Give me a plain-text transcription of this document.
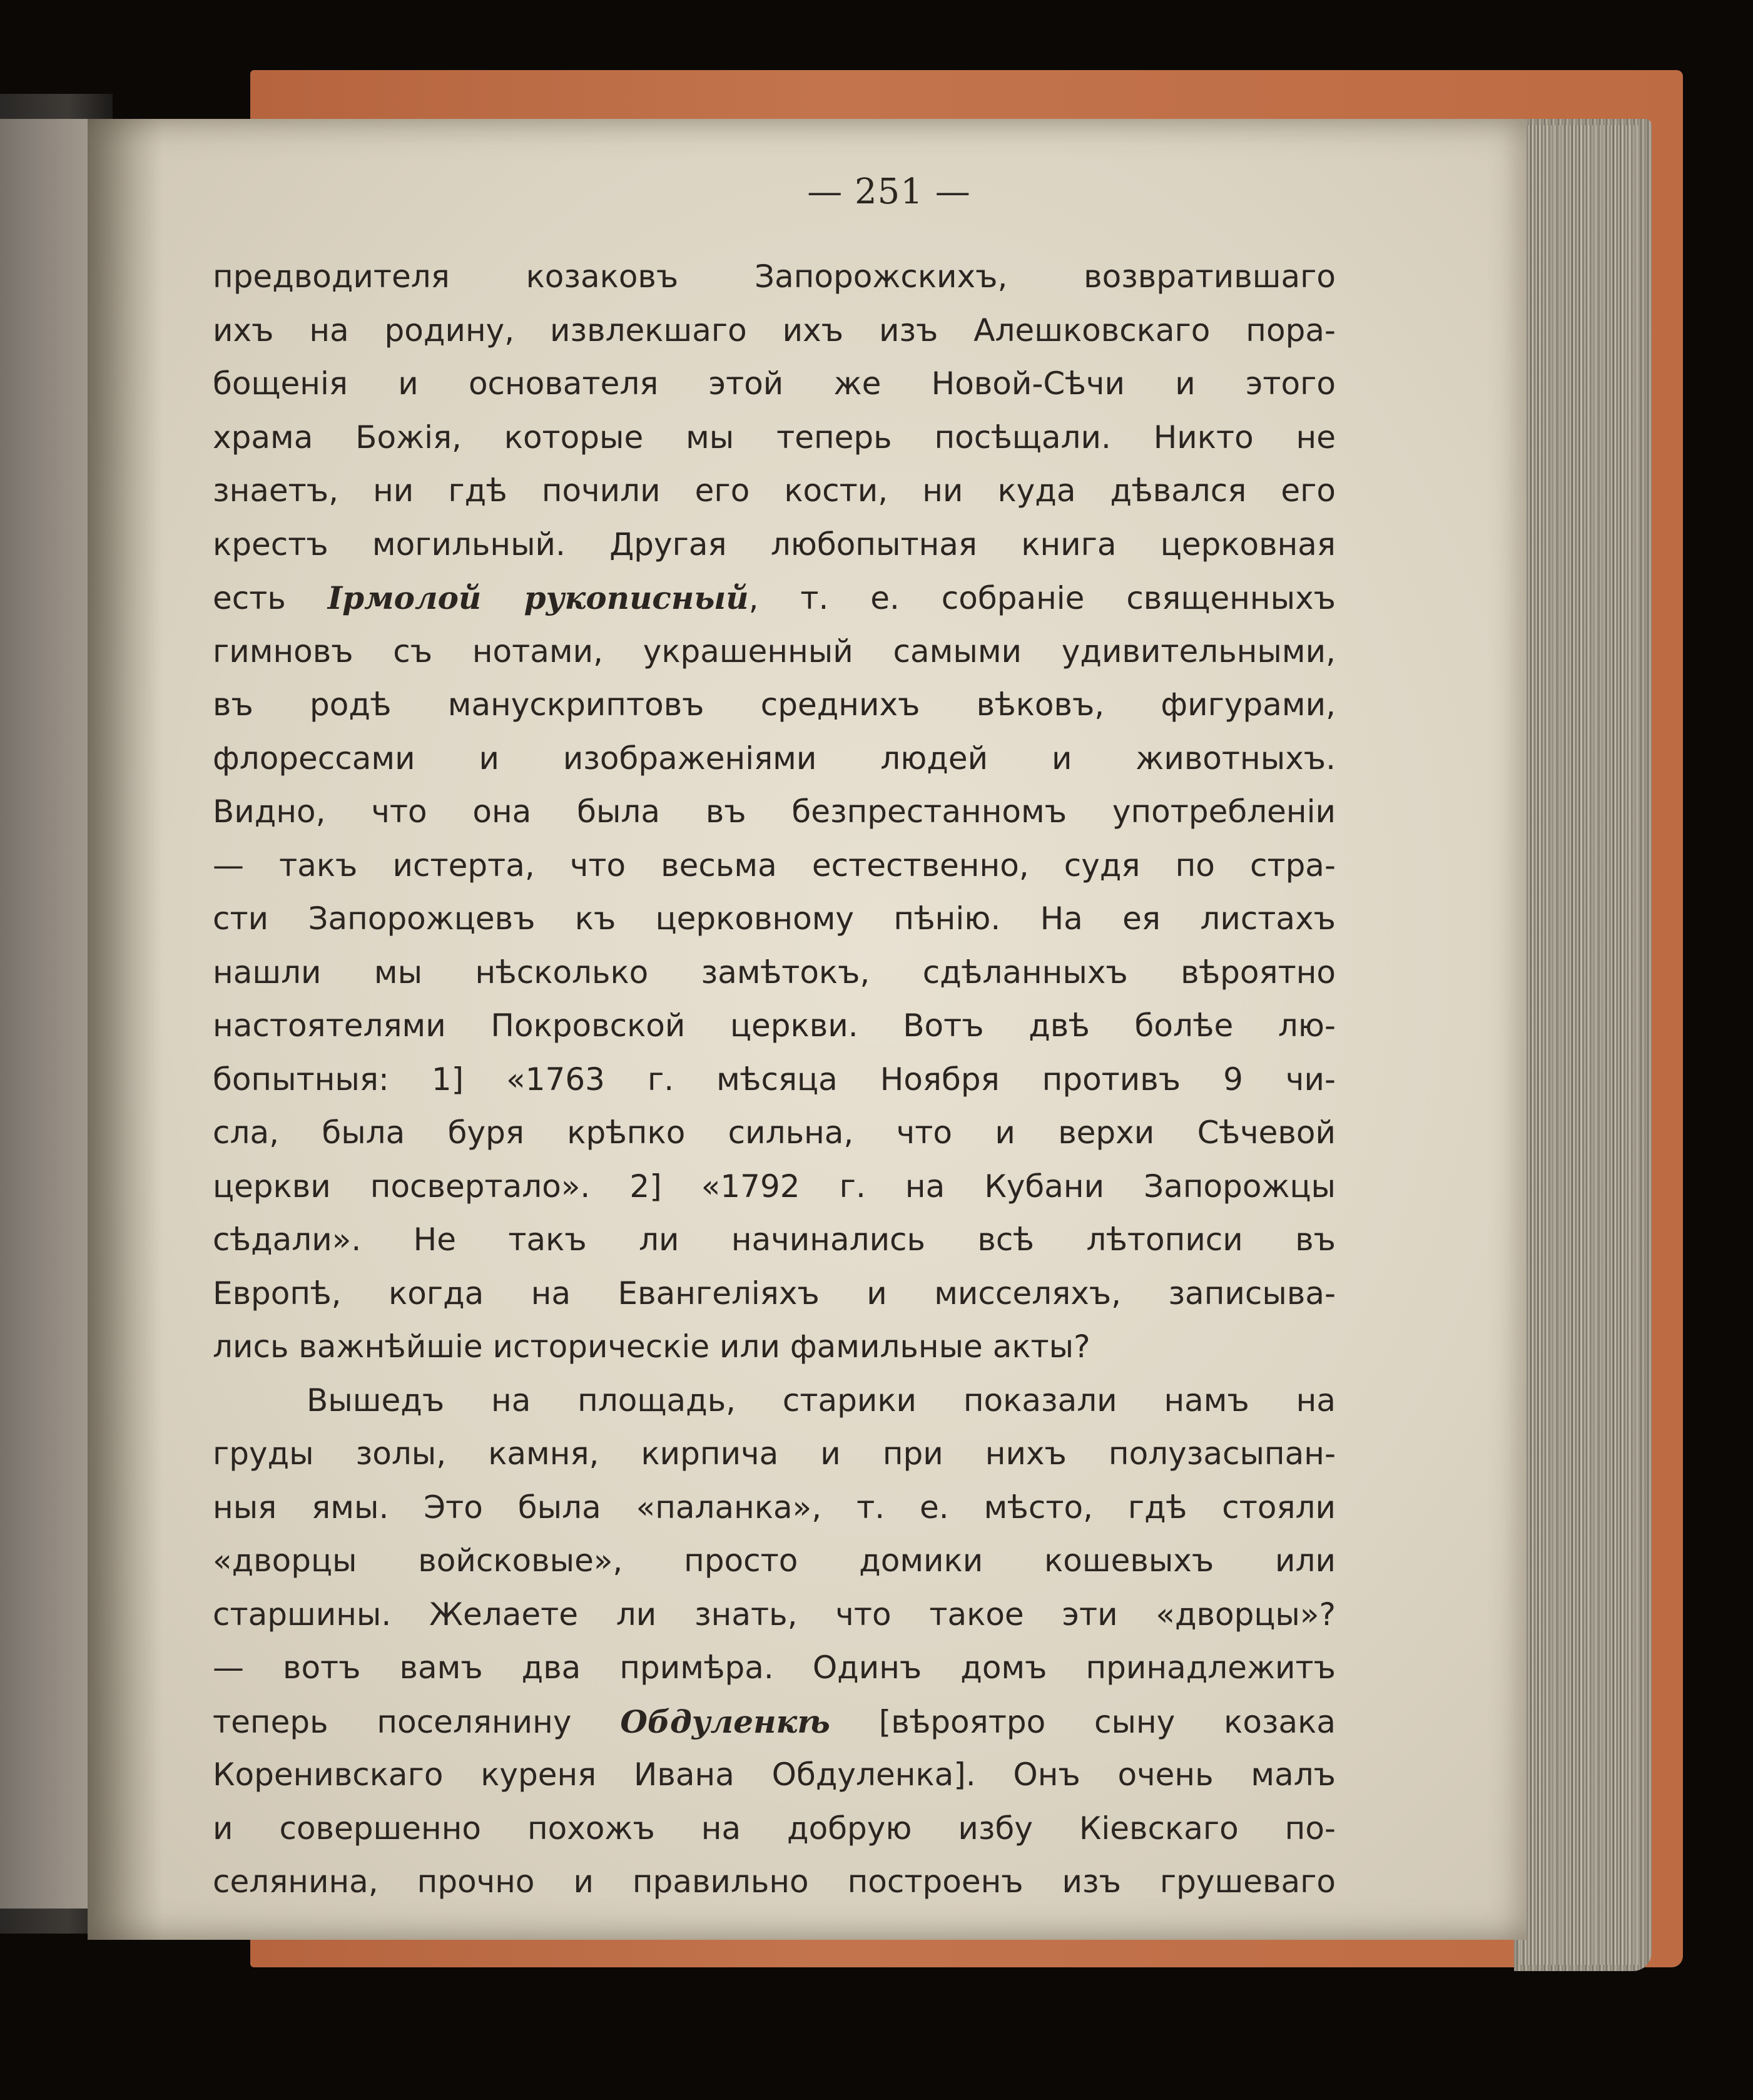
— 251 —
предводителя козаковъ Запорожскихъ, возвратившаго
ихъ на родину, извлекшаго ихъ изъ Алешковскаго пора-
бощенія и основателя этой же Новой-Сѣчи и этого
храма Божія, которые мы теперь посѣщали. Никто не
знаетъ, ни гдѣ почили его кости, ни куда дѣвался его
крестъ могильный. Другая любопытная книга церковная
есть Ірмолой рукописный, т. е. собраніе священныхъ
гимновъ съ нотами, украшенный самыми удивительными,
въ родѣ манускриптовъ среднихъ вѣковъ, фигурами,
флорессами и изображеніями людей и животныхъ.
Видно, что она была въ безпрестанномъ употребленіи
— такъ истерта, что весьма естественно, судя по стра-
сти Запорожцевъ къ церковному пѣнію. На ея листахъ
нашли мы нѣсколько замѣтокъ, сдѣланныхъ вѣроятно
настоятелями Покровской церкви. Вотъ двѣ болѣе лю-
бопытныя: 1] «1763 г. мѣсяца Ноября противъ 9 чи-
сла, была буря крѣпко сильна, что и верхи Сѣчевой
церкви посвертало». 2] «1792 г. на Кубани Запорожцы
сѣдали». Не такъ ли начинались всѣ лѣтописи въ
Европѣ, когда на Евангеліяхъ и мисселяхъ, записыва-
лись важнѣйшіе историческіе или фамильные акты?
Вышедъ на площадь, старики показали намъ на
груды золы, камня, кирпича и при нихъ полузасыпан-
ныя ямы. Это была «паланка», т. е. мѣсто, гдѣ стояли
«дворцы войсковые», просто домики кошевыхъ или
старшины. Желаете ли знать, что такое эти «дворцы»?
— вотъ вамъ два примѣра. Одинъ домъ принадлежитъ
теперь поселянину Обдуленкѣ [вѣроятро сыну козака
Коренивскаго куреня Ивана Обдуленка]. Онъ очень малъ
и совершенно похожъ на добрую избу Кіевскаго по-
селянина, прочно и правильно построенъ изъ грушеваго
